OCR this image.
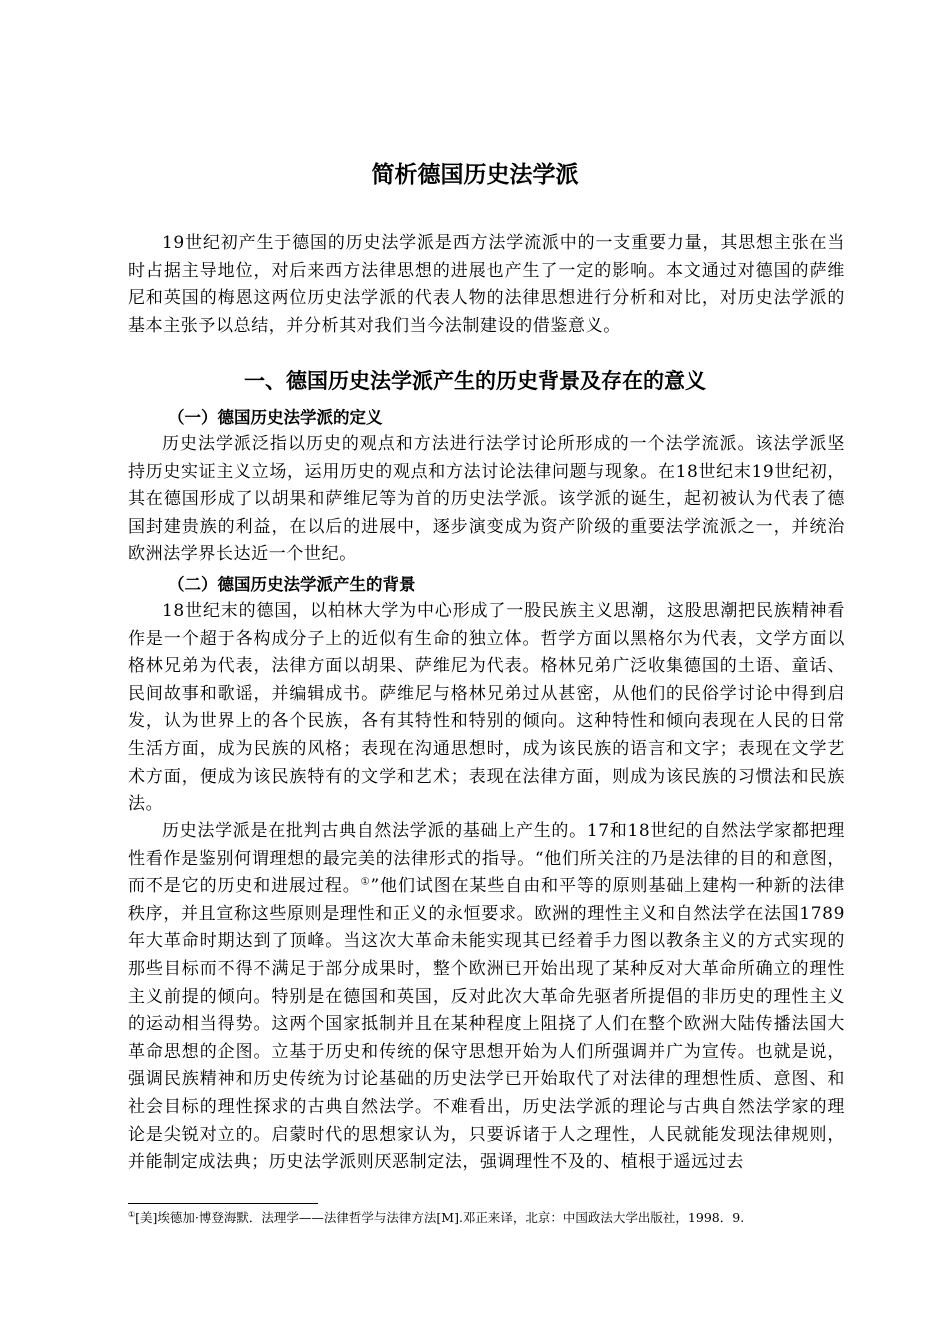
简析德国历史法学派

19世纪初产生于德国的历史法学派是西方法学流派中的一支重要力量，其思想主张在当时占据主导地位，对后来西方法律思想的进展也产生了一定的影响。本文通过对德国的萨维尼和英国的梅恩这两位历史法学派的代表人物的法律思想进行分析和对比，对历史法学派的基本主张予以总结，并分析其对我们当今法制建设的借鉴意义。

一、德国历史法学派产生的历史背景及存在的意义
（一）德国历史法学派的定义

历史法学派泛指以历史的观点和方法进行法学讨论所形成的一个法学流派。该法学派坚持历史实证主义立场，运用历史的观点和方法讨论法律问题与现象。在18世纪末19世纪初，其在德国形成了以胡果和萨维尼等为首的历史法学派。该学派的诞生，起初被认为代表了德国封建贵族的利益，在以后的进展中，逐步演变成为资产阶级的重要法学流派之一，并统治欧洲法学界长达近一个世纪。

（二）德国历史法学派产生的背景

18世纪末的德国，以柏林大学为中心形成了一股民族主义思潮，这股思潮把民族精神看作是一个超于各构成分子上的近似有生命的独立体。哲学方面以黑格尔为代表，文学方面以格林兄弟为代表，法律方面以胡果、萨维尼为代表。格林兄弟广泛收集德国的土语、童话、民间故事和歌谣，并编辑成书。萨维尼与格林兄弟过从甚密，从他们的民俗学讨论中得到启发，认为世界上的各个民族，各有其特性和特别的倾向。这种特性和倾向表现在人民的日常生活方面，成为民族的风格；表现在沟通思想时，成为该民族的语言和文字；表现在文学艺术方面，便成为该民族特有的文学和艺术；表现在法律方面，则成为该民族的习惯法和民族法。

历史法学派是在批判古典自然法学派的基础上产生的。17和18世纪的自然法学家都把理性看作是鉴别何谓理想的最完美的法律形式的指导。“他们所关注的乃是法律的目的和意图，而不是它的历史和进展过程。①”他们试图在某些自由和平等的原则基础上建构一种新的法律秩序，并且宣称这些原则是理性和正义的永恒要求。欧洲的理性主义和自然法学在法国1789年大革命时期达到了顶峰。当这次大革命未能实现其已经着手力图以教条主义的方式实现的那些目标而不得不满足于部分成果时，整个欧洲已开始出现了某种反对大革命所确立的理性主义前提的倾向。特别是在德国和英国，反对此次大革命先驱者所提倡的非历史的理性主义的运动相当得势。这两个国家抵制并且在某种程度上阻挠了人们在整个欧洲大陆传播法国大革命思想的企图。立基于历史和传统的保守思想开始为人们所强调并广为宣传。也就是说，强调民族精神和历史传统为讨论基础的历史法学已开始取代了对法律的理想性质、意图、和社会目标的理性探求的古典自然法学。不难看出，历史法学派的理论与古典自然法学家的理论是尖锐对立的。启蒙时代的思想家认为，只要诉诸于人之理性，人民就能发现法律规则，并能制定成法典；历史法学派则厌恶制定法，强调理性不及的、植根于遥远过去

①[美]埃德加·博登海默．法理学——法律哲学与法律方法[M].邓正来译，北京：中国政法大学出版社，1998．9.
